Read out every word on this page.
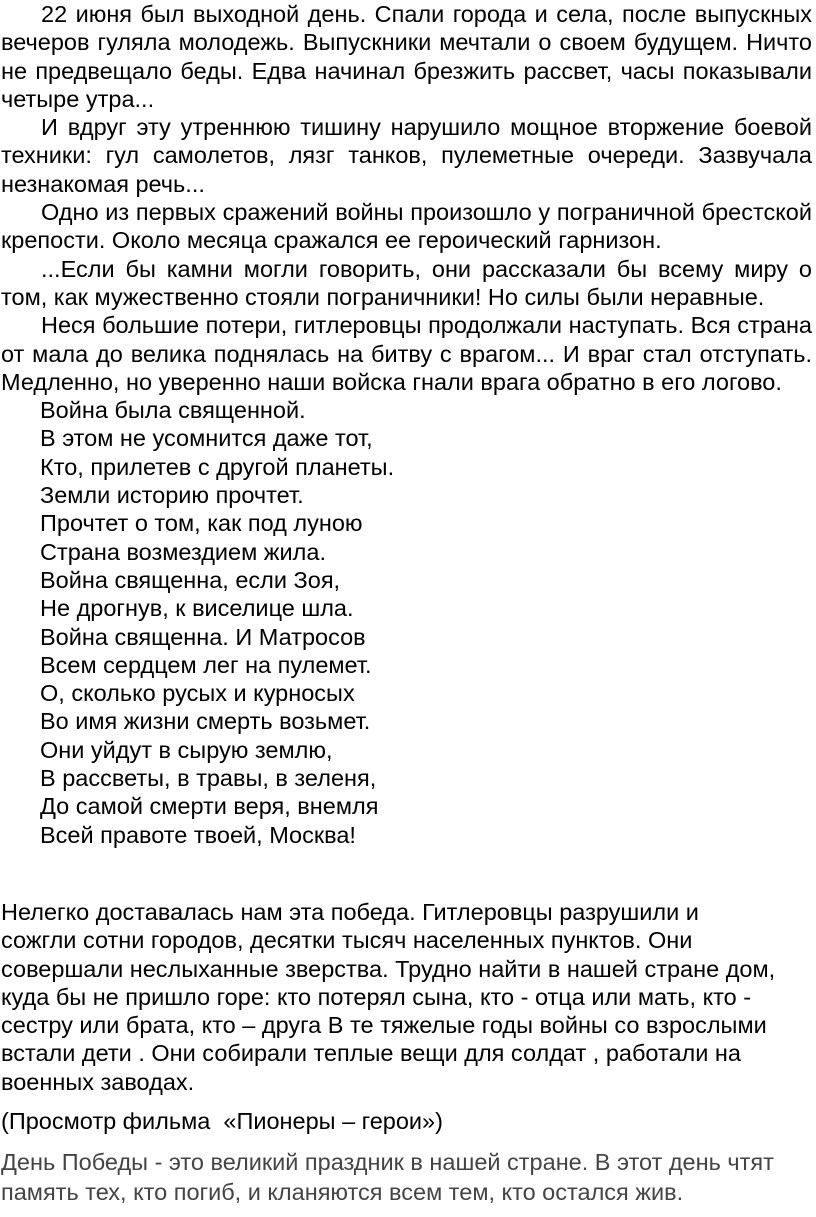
22 июня был выходной день. Спали города и села, после выпускных вечеров гуляла молодежь. Выпускники мечтали о своем будущем. Ничто не предвещало беды. Едва начинал брезжить рассвет, часы показывали четыре утра...

И вдруг эту утреннюю тишину нарушило мощное вторжение боевой техники: гул самолетов, лязг танков, пулеметные очереди. Зазвучала незнакомая речь...

Одно из первых сражений войны произошло у пограничной брестской крепости. Около месяца сражался ее героический гарнизон.

...Если бы камни могли говорить, они рассказали бы всему миру о том, как мужественно стояли пограничники! Но силы были неравные.

Неся большие потери, гитлеровцы продолжали наступать. Вся страна от мала до велика поднялась на битву с врагом... И враг стал отступать. Медленно, но уверенно наши войска гнали врага обратно в его логово.

Война была священной.
В этом не усомнится даже тот,
Кто, прилетев с другой планеты.
Земли историю прочтет.
Прочтет о том, как под луною
Страна возмездием жила.
Война священна, если Зоя,
Не дрогнув, к виселице шла.
Война священна. И Матросов
Всем сердцем лег на пулемет.
О, сколько русых и курносых
Во имя жизни смерть возьмет.
Они уйдут в сырую землю,
В рассветы, в травы, в зеленя,
До самой смерти веря, внемля
Всей правоте твоей, Москва!
Нелегко доставалась нам эта победа. Гитлеровцы разрушили и
сожгли сотни городов, десятки тысяч населенных пунктов. Они
совершали неслыханные зверства. Трудно найти в нашей стране дом,
куда бы не пришло горе: кто потерял сына, кто - отца или мать, кто -
сестру или брата, кто – друга В те тяжелые годы войны со взрослыми
встали дети . Они собирали теплые вещи для солдат , работали на
военных заводах.

(Просмотр фильма  «Пионеры – герои»)

День Победы - это великий праздник в нашей стране. В этот день чтят
память тех, кто погиб, и кланяются всем тем, кто остался жив.
